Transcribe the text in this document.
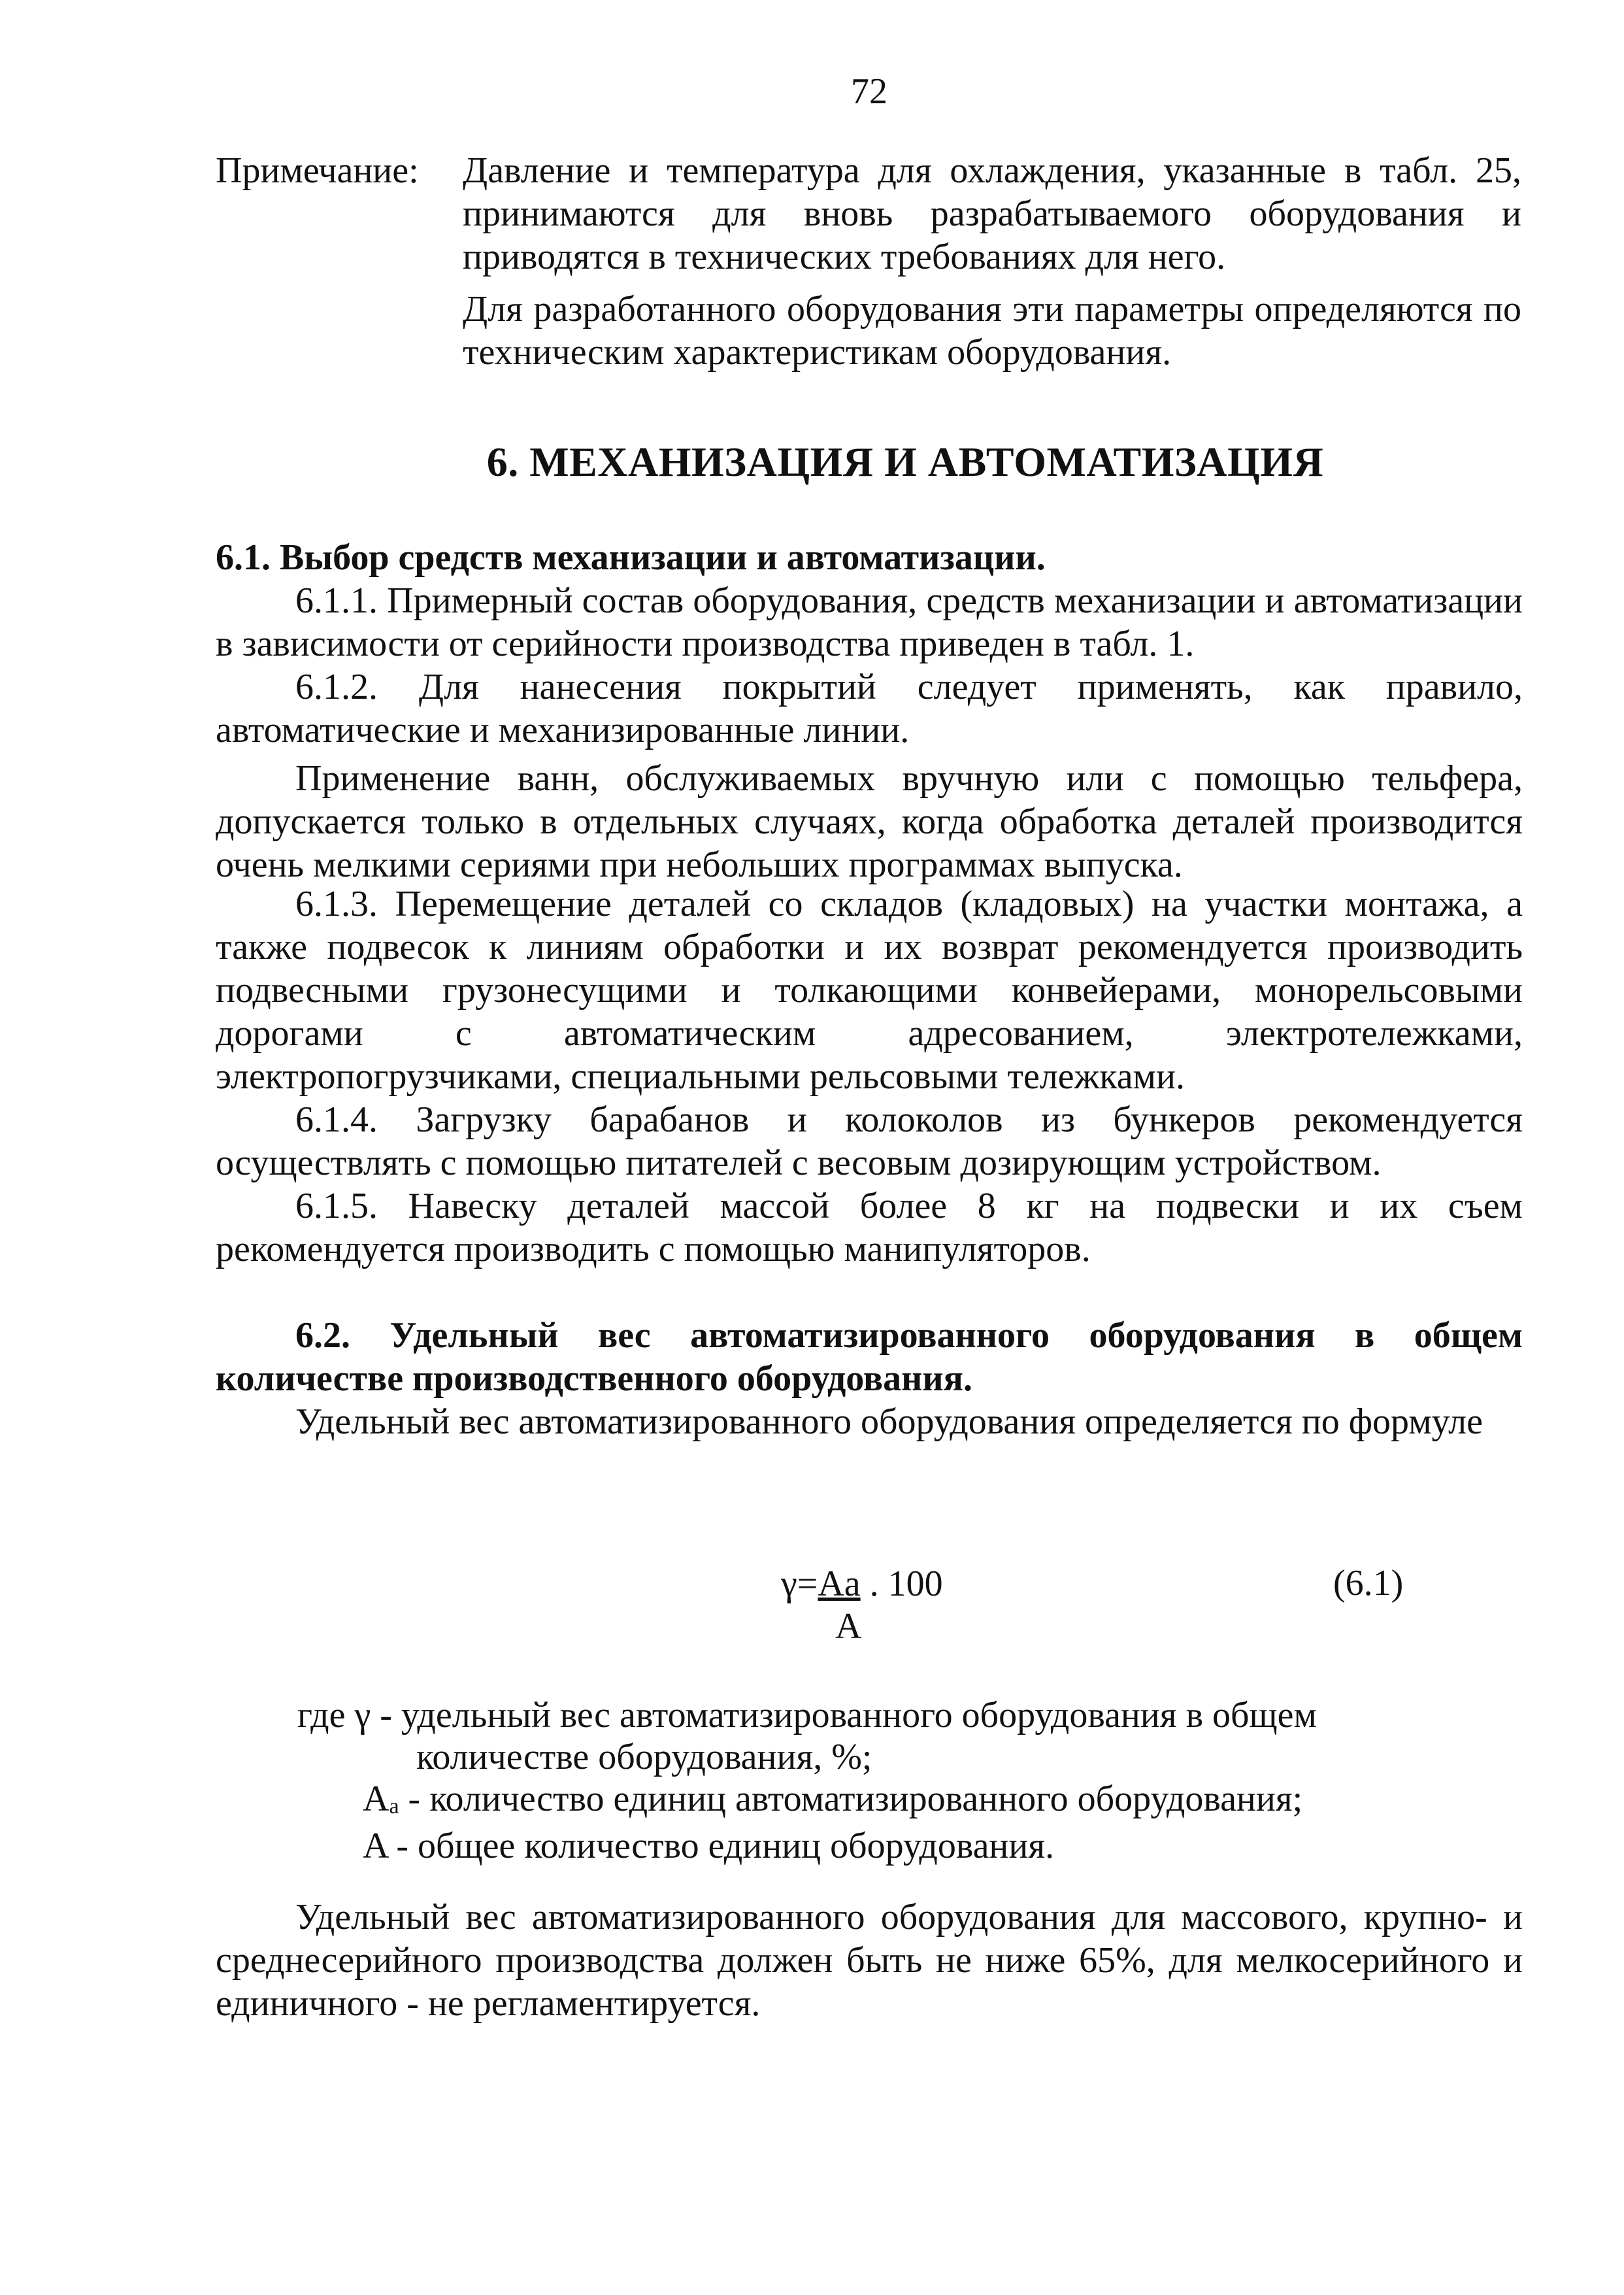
72
Примечание: Давление и температура для охлаждения, указанные в табл. 25, принимаются для вновь разрабатываемого оборудования и приводятся в технических требованиях для него.

Для разработанного оборудования эти параметры определяются по техническим характеристикам оборудования.

6. МЕХАНИЗАЦИЯ И АВТОМАТИЗАЦИЯ

6.1. Выбор средств механизации и автоматизации.

6.1.1. Примерный состав оборудования, средств механизации и автоматизации в зависимости от серийности производства приведен в табл. 1.

6.1.2. Для нанесения покрытий следует применять, как правило, автоматические и механизированные линии.

Применение ванн, обслуживаемых вручную или с помощью тельфера, допускается только в отдельных случаях, когда обработка деталей производится очень мелкими сериями при небольших программах выпуска.

6.1.3. Перемещение деталей со складов (кладовых) на участки монтажа, а также подвесок к линиям обработки и их возврат рекомендуется производить подвесными грузонесущими и толкающими конвейерами, монорельсовыми дорогами с автоматическим адресованием, электротележками, электропогрузчиками, специальными рельсовыми тележками.

6.1.4. Загрузку барабанов и колоколов из бункеров рекомендуется осуществлять с помощью питателей с весовым дозирующим устройством.

6.1.5. Навеску деталей массой более 8 кг на подвески и их съем рекомендуется производить с помощью манипуляторов.

6.2. Удельный вес автоматизированного оборудования в общем количестве производственного оборудования.

Удельный вес автоматизированного оборудования определяется по формуле

γ=Aa . 100
A
(6.1)
где γ - удельный вес автоматизированного оборудования в общем
количестве оборудования, %;
$A_a$ - количество единиц автоматизированного оборудования;
A - общее количество единиц оборудования.

Удельный вес автоматизированного оборудования для массового, крупно- и среднесерийного производства должен быть не ниже 65%, для мелкосерийного и единичного - не регламентируется.
